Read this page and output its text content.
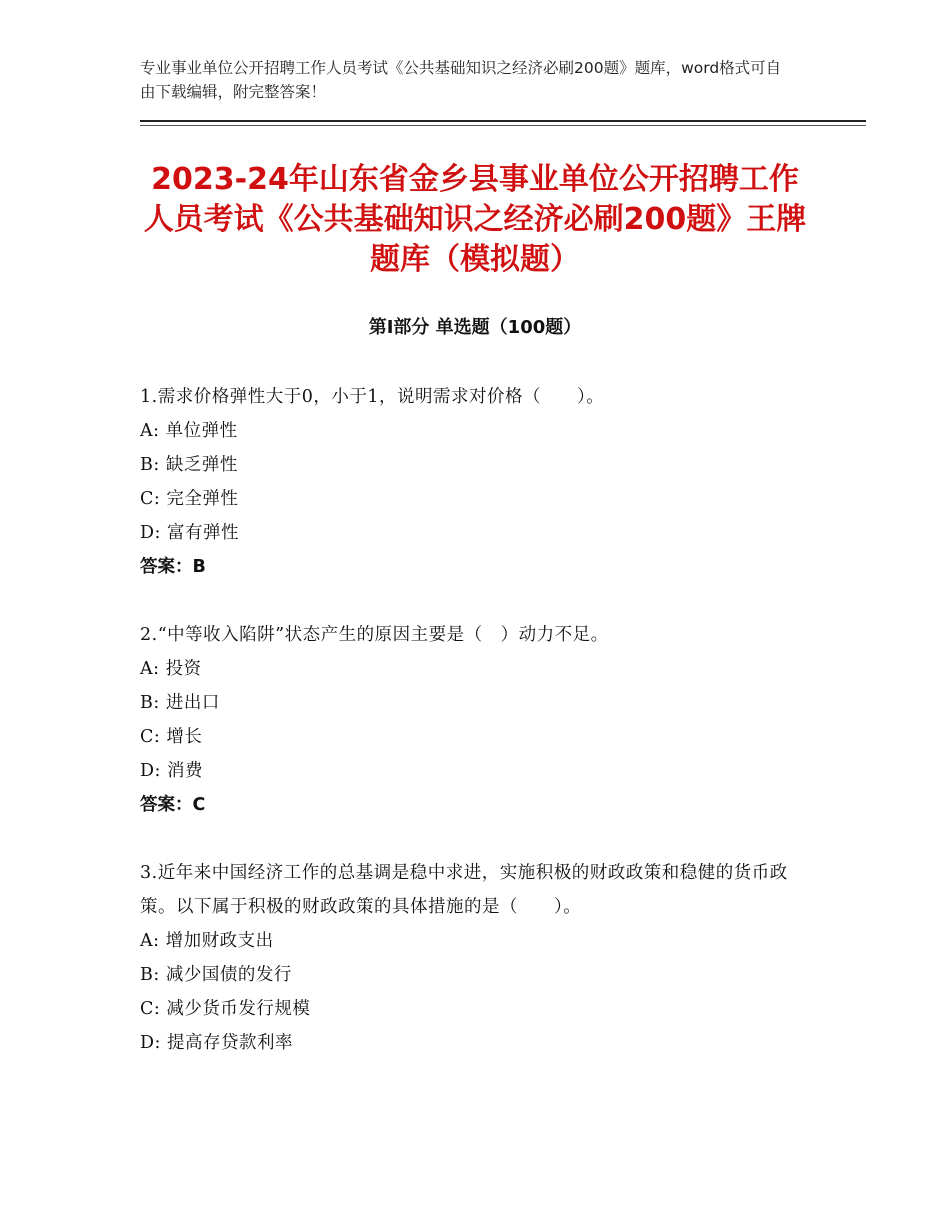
专业事业单位公开招聘工作人员考试《公共基础知识之经济必刷200题》题库，word格式可自由下载编辑，附完整答案！
2023-24年山东省金乡县事业单位公开招聘工作人员考试《公共基础知识之经济必刷200题》王牌题库（模拟题）
第Ⅰ部分 单选题（100题）
1.需求价格弹性大于0，小于1，说明需求对价格（　　）。
A: 单位弹性
B: 缺乏弹性
C: 完全弹性
D: 富有弹性
答案：B
2.“中等收入陷阱”状态产生的原因主要是（　）动力不足。
A: 投资
B: 进出口
C: 增长
D: 消费
答案：C
3.近年来中国经济工作的总基调是稳中求进，实施积极的财政政策和稳健的货币政策。以下属于积极的财政政策的具体措施的是（　　）。
A: 增加财政支出
B: 减少国债的发行
C: 减少货币发行规模
D: 提高存贷款利率
